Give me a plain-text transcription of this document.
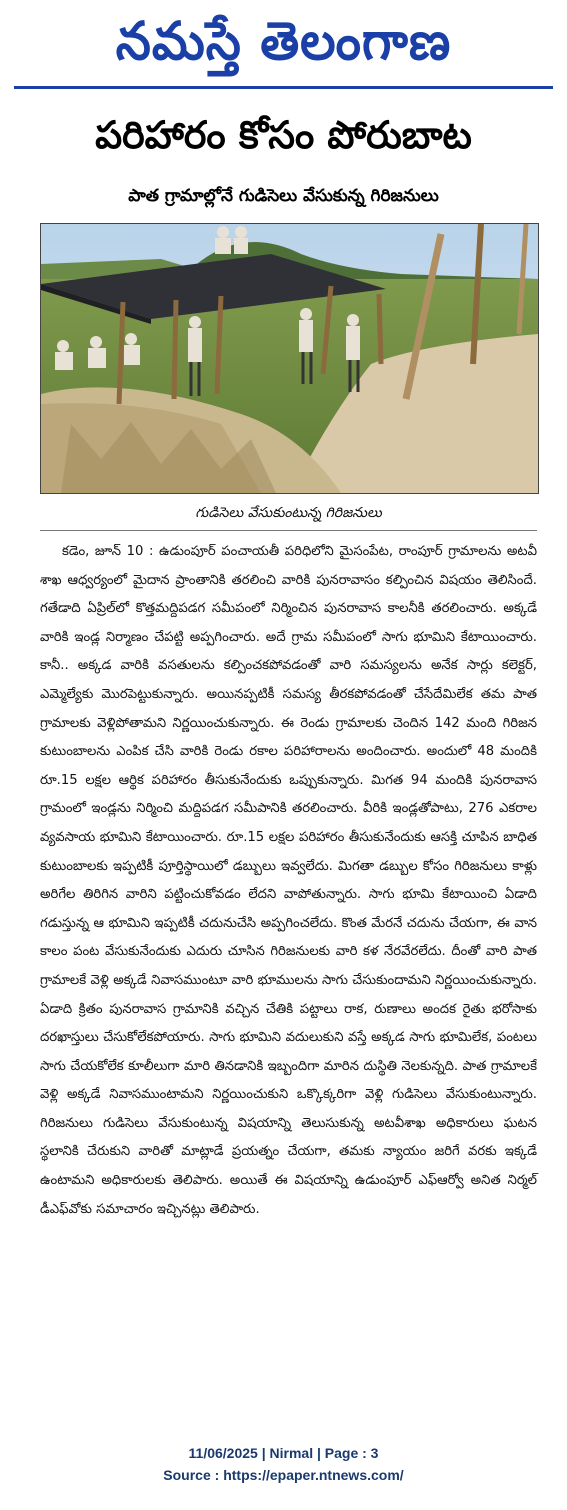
నమస్తే తెలంగాణ
పరిహారం కోసం పోరుబాట
పాత గ్రామాల్లోనే గుడిసెలు వేసుకున్న గిరిజనులు
గుడిసెలు వేసుకుంటున్న గిరిజనులు

కడెం, జూన్ 10 : ఉడుంపూర్ పంచాయతీ పరిధిలోని మైసంపేట, రాంపూర్ గ్రామాలను అటవీ శాఖ ఆధ్వర్యంలో మైదాన ప్రాంతానికి తరలించి వారికి పునరావాసం కల్పించిన విషయం తెలిసిందే. గతేడాది ఏప్రిల్‌లో కొత్తమద్దిపడగ సమీపంలో నిర్మించిన పునరావాస కాలనీకి తరలించారు. అక్కడే వారికి ఇండ్ల నిర్మాణం చేపట్టి అప్పగించారు. అదే గ్రామ సమీపంలో సాగు భూమిని కేటాయించారు. కానీ.. అక్కడ వారికి వసతులను కల్పించకపోవడంతో వారి సమస్యలను అనేక సార్లు కలెక్టర్, ఎమ్మెల్యేకు మొరపెట్టుకున్నారు. అయినప్పటికీ సమస్య తీరకపోవడంతో చేసేదేమిలేక తమ పాత గ్రామాలకు వెళ్లిపోతామని నిర్ణయించుకున్నారు. ఈ రెండు గ్రామాలకు చెందిన 142 మంది గిరిజన కుటుంబాలను ఎంపిక చేసి వారికి రెండు రకాల పరిహారాలను అందించారు. అందులో 48 మందికి రూ.15 లక్షల ఆర్థిక పరిహారం తీసుకునేందుకు ఒప్పుకున్నారు. మిగత 94 మందికి పునరావాస గ్రామంలో ఇండ్లను నిర్మించి మద్దిపడగ సమీపానికి తరలించారు. వీరికి ఇండ్లతోపాటు, 276 ఎకరాల వ్యవసాయ భూమిని కేటాయించారు. రూ.15 లక్షల పరిహారం తీసుకునేందుకు ఆసక్తి చూపిన బాధిత కుటుంబాలకు ఇప్పటికీ పూర్తిస్థాయిలో డబ్బులు ఇవ్వలేదు. మిగతా డబ్బుల కోసం గిరిజనులు కాళ్లు అరిగేల తిరిగిన వారిని పట్టించుకోవడం లేదని వాపోతున్నారు. సాగు భూమి కేటాయించి ఏడాది గడుస్తున్న ఆ భూమిని ఇప్పటికీ చదునుచేసి అప్పగించలేదు. కొంత మేరనే చదును చేయగా, ఈ వాన కాలం పంట వేసుకునేందుకు ఎదురు చూసిన గిరిజనులకు వారి కళ నేరవేరలేదు. దీంతో వారి పాత గ్రామాలకే వెళ్లి అక్కడే నివాసముంటూ వారి భూములను సాగు చేసుకుందామని నిర్ణయించుకున్నారు. ఏడాది క్రితం పునరావాస గ్రామానికి వచ్చిన చేతికి పట్టాలు రాక, రుణాలు అందక రైతు భరోసాకు దరఖాస్తులు చేసుకోలేకపోయారు. సాగు భూమిని వదులుకుని వస్తే అక్కడ సాగు భూమిలేక, పంటలు సాగు చేయకోలేక కూలీలుగా మారి తినడానికి ఇబ్బందిగా మారిన దుస్థితి నెలకున్నది. పాత గ్రామాలకే వెళ్లి అక్కడే నివాసముంటామని నిర్ణయించుకుని ఒక్కొక్కరిగా వెళ్లి గుడిసెలు వేసుకుంటున్నారు. గిరిజనులు గుడిసెలు వేసుకుంటున్న విషయాన్ని తెలుసుకున్న అటవీశాఖ అధికారులు ఘటన స్థలానికి చేరుకుని వారితో మాట్లాడే ప్రయత్నం చేయగా, తమకు న్యాయం జరిగే వరకు ఇక్కడే ఉంటామని అధికారులకు తెలిపారు. అయితే ఈ విషయాన్ని ఉడుంపూర్ ఎఫ్ఆర్వో అనిత నిర్మల్ డీఎఫ్‌వోకు సమాచారం ఇచ్చినట్లు తెలిపారు.

11/06/2025 | Nirmal | Page : 3
Source : https://epaper.ntnews.com/
